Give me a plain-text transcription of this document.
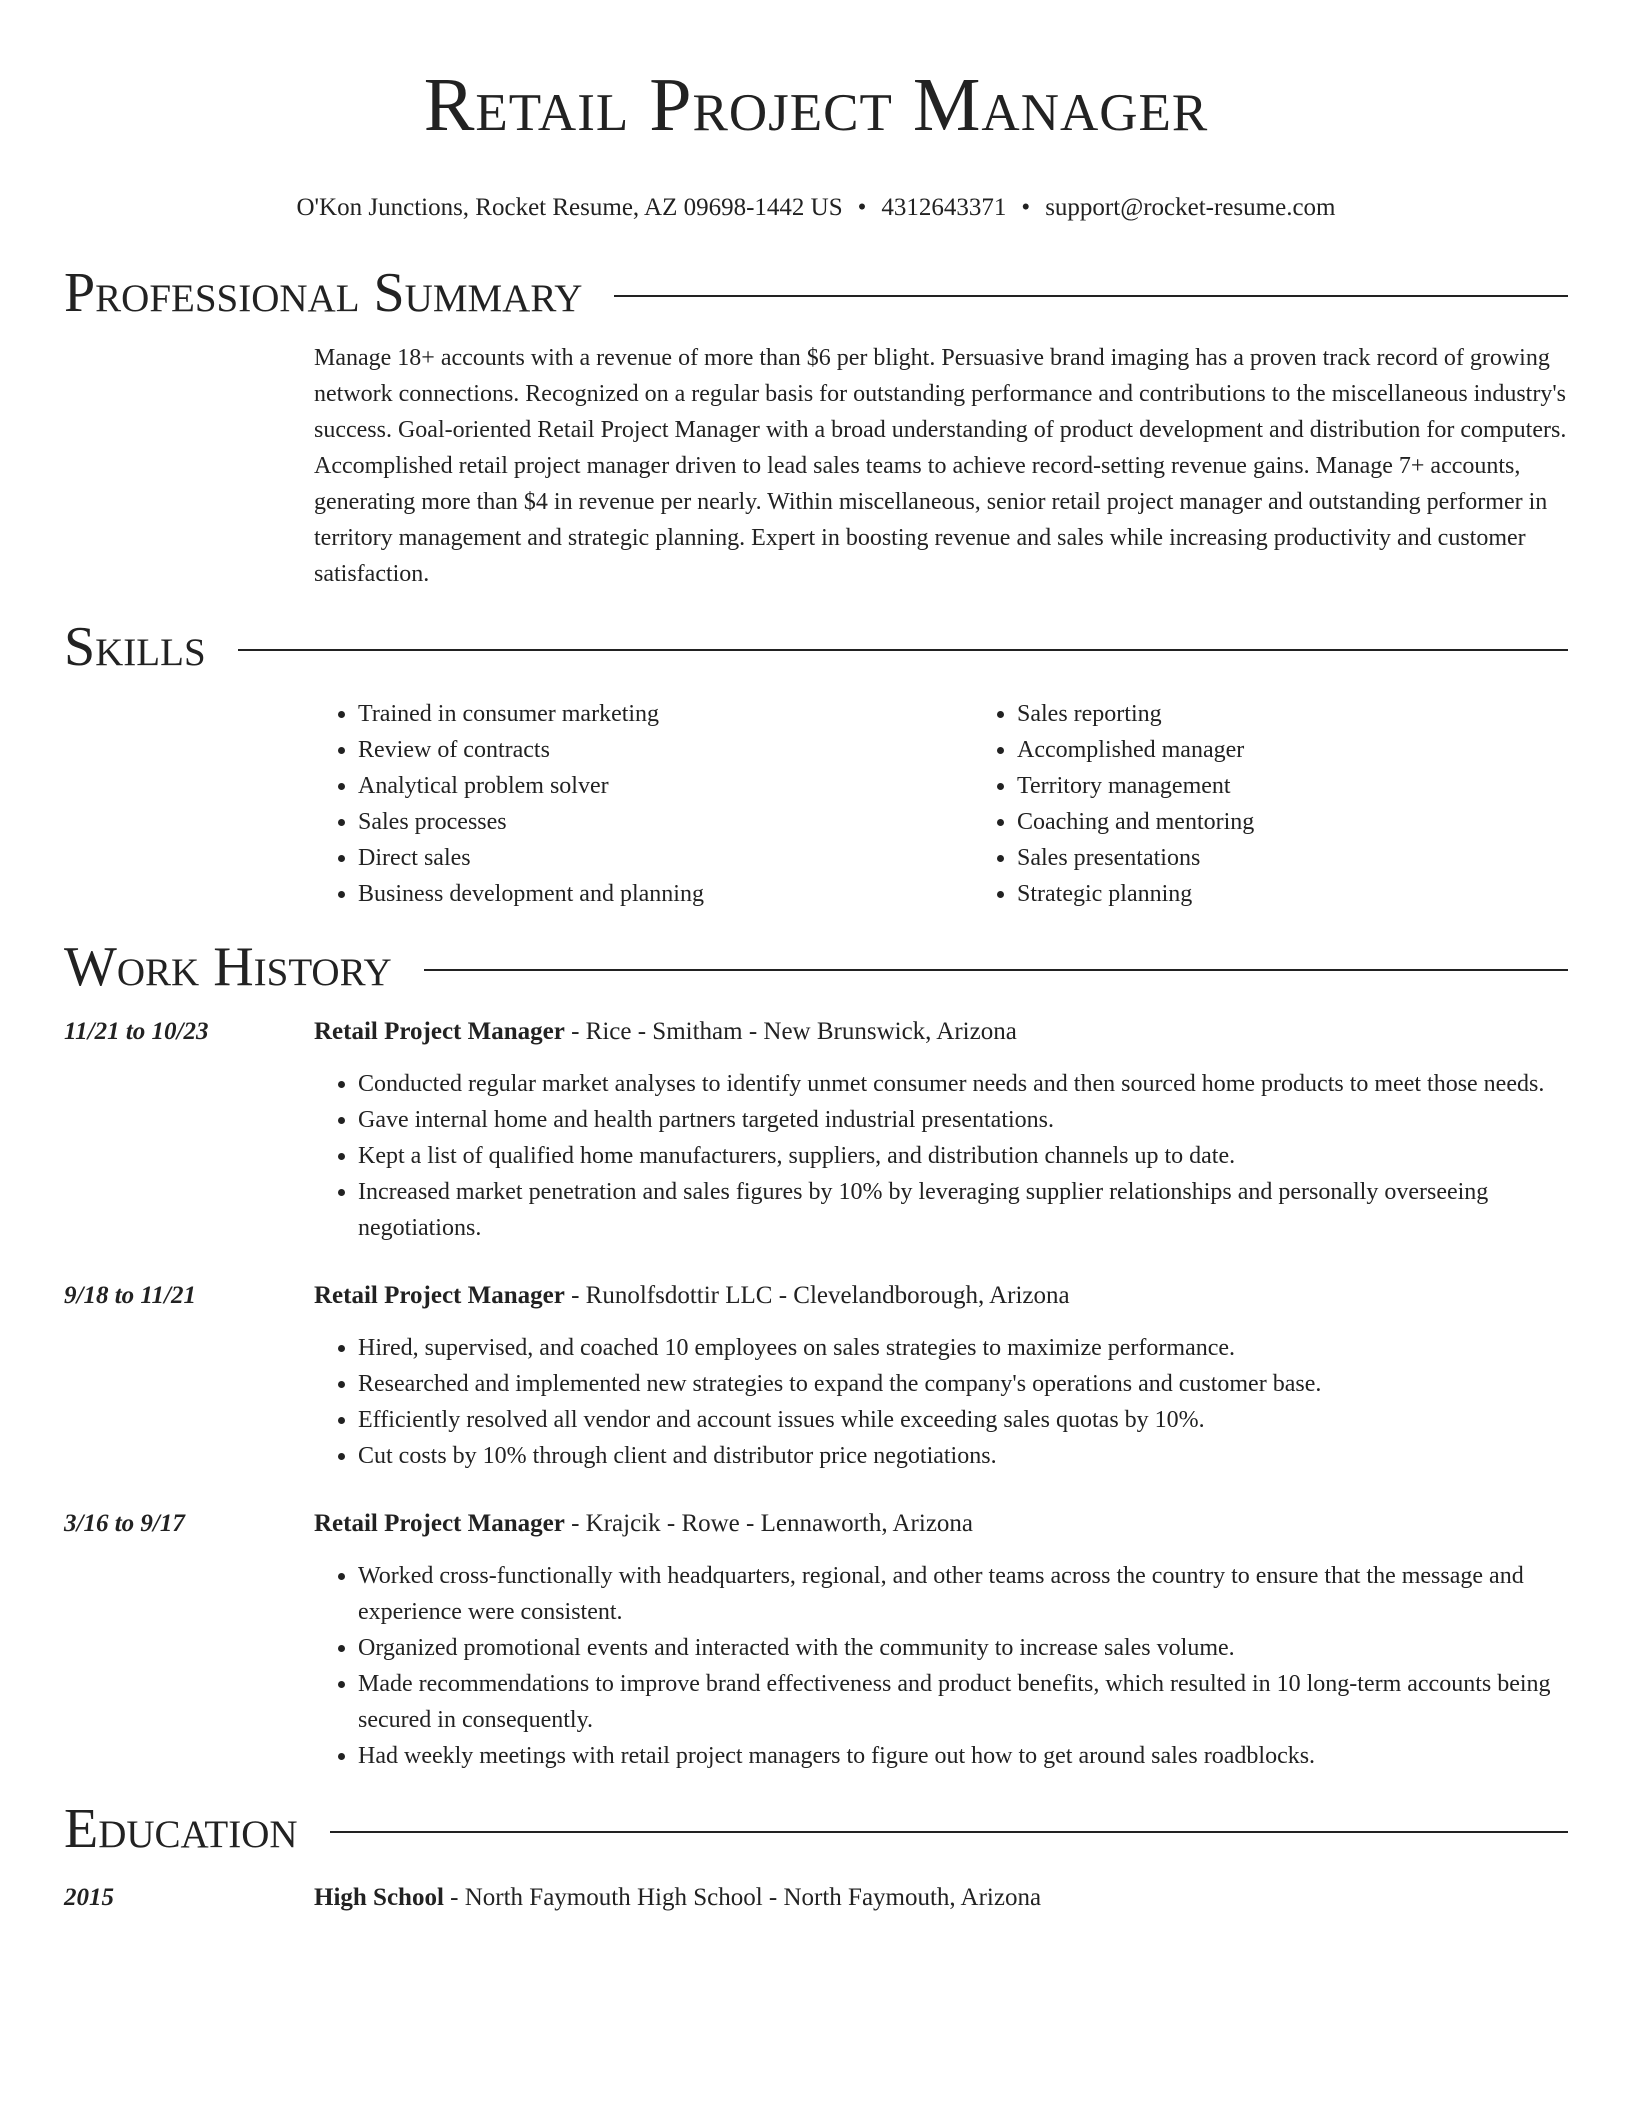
Retail Project Manager
O'Kon Junctions, Rocket Resume, AZ 09698-1442 US • 4312643371 • support@rocket-resume.com
Professional Summary

Manage 18+ accounts with a revenue of more than $6 per blight. Persuasive brand imaging has a proven track record of growing network connections. Recognized on a regular basis for outstanding performance and contributions to the miscellaneous industry's success. Goal-oriented Retail Project Manager with a broad understanding of product development and distribution for computers. Accomplished retail project manager driven to lead sales teams to achieve record-setting revenue gains. Manage 7+ accounts, generating more than $4 in revenue per nearly. Within miscellaneous, senior retail project manager and outstanding performer in territory management and strategic planning. Expert in boosting revenue and sales while increasing productivity and customer satisfaction.

Skills
• Trained in consumer marketing
• Review of contracts
• Analytical problem solver
• Sales processes
• Direct sales
• Business development and planning
• Sales reporting
• Accomplished manager
• Territory management
• Coaching and mentoring
• Sales presentations
• Strategic planning
Work History
11/21 to 10/23	Retail Project Manager - Rice - Smitham - New Brunswick, Arizona
• Conducted regular market analyses to identify unmet consumer needs and then sourced home products to meet those needs.
• Gave internal home and health partners targeted industrial presentations.
• Kept a list of qualified home manufacturers, suppliers, and distribution channels up to date.
• Increased market penetration and sales figures by 10% by leveraging supplier relationships and personally overseeing negotiations.
9/18 to 11/21	Retail Project Manager - Runolfsdottir LLC - Clevelandborough, Arizona
• Hired, supervised, and coached 10 employees on sales strategies to maximize performance.
• Researched and implemented new strategies to expand the company's operations and customer base.
• Efficiently resolved all vendor and account issues while exceeding sales quotas by 10%.
• Cut costs by 10% through client and distributor price negotiations.
3/16 to 9/17	Retail Project Manager - Krajcik - Rowe - Lennaworth, Arizona
• Worked cross-functionally with headquarters, regional, and other teams across the country to ensure that the message and experience were consistent.
• Organized promotional events and interacted with the community to increase sales volume.
• Made recommendations to improve brand effectiveness and product benefits, which resulted in 10 long-term accounts being secured in consequently.
• Had weekly meetings with retail project managers to figure out how to get around sales roadblocks.
Education
2015	High School - North Faymouth High School - North Faymouth, Arizona
